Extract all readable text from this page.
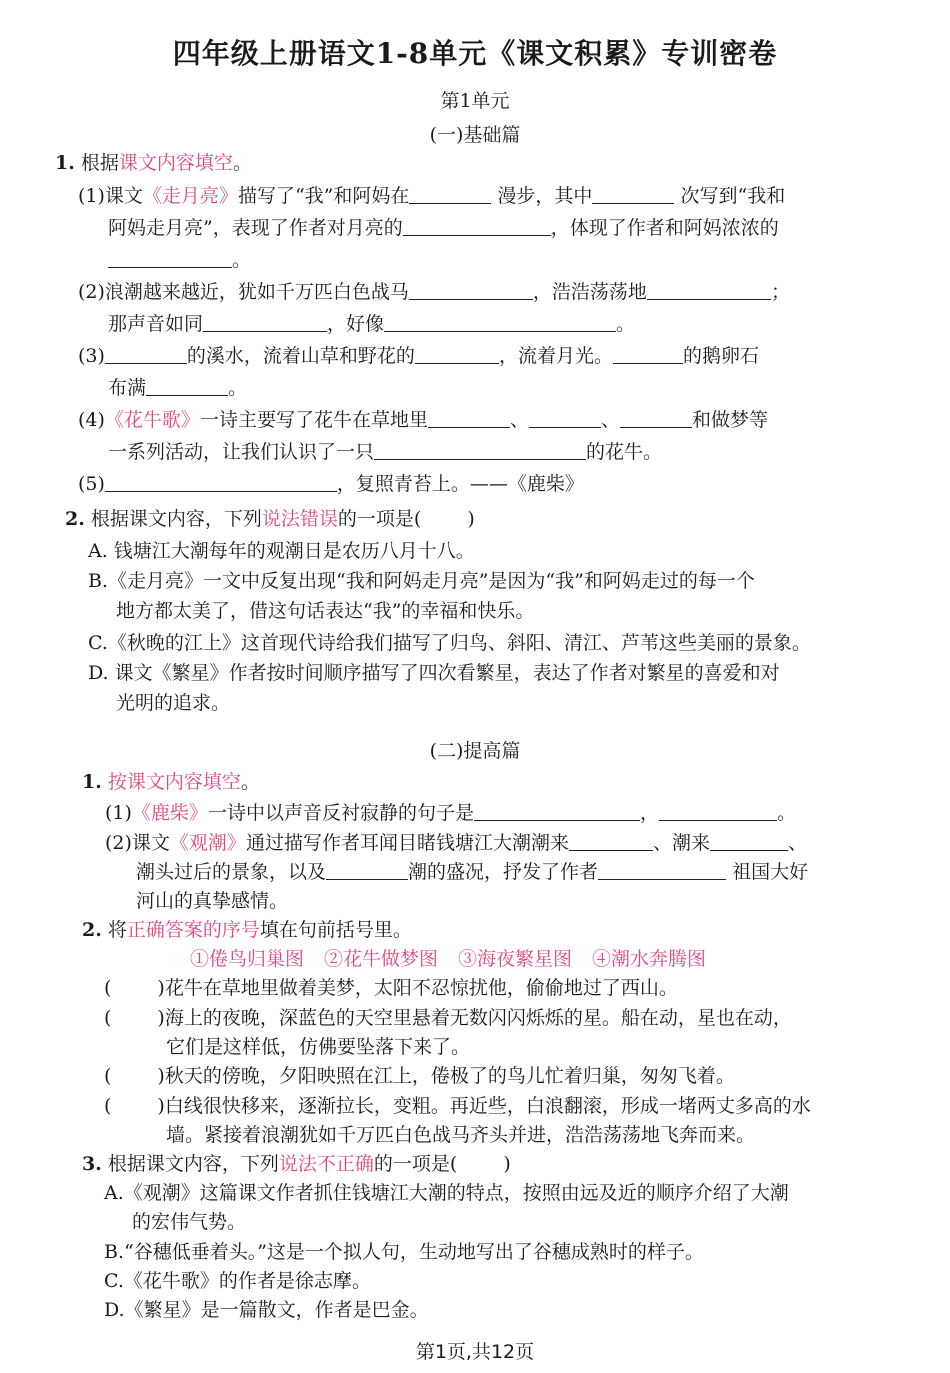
四年级上册语文1-8单元《课文积累》专训密卷
第1单元
(一)基础篇
1. 根据课文内容填空。
(1)课文《走月亮》描写了“我”和阿妈在	漫步，其中	次写到“我和
阿妈走月亮”，表现了作者对月亮的	，体现了作者和阿妈浓浓的
。
(2)浪潮越来越近，犹如千万匹白色战马	，浩浩荡荡地	；
那声音如同	，好像	。
(3)	的溪水，流着山草和野花的	，流着月光。	的鹅卵石
布满	。
(4)《花牛歌》一诗主要写了花牛在草地里	、	、	和做梦等
一系列活动，让我们认识了一只	的花牛。
(5)	，复照青苔上。——《鹿柴》
2. 根据课文内容，下列说法错误的一项是( )
A. 钱塘江大潮每年的观潮日是农历八月十八。
B.《走月亮》一文中反复出现“我和阿妈走月亮”是因为“我”和阿妈走过的每一个
地方都太美了，借这句话表达“我”的幸福和快乐。
C.《秋晚的江上》这首现代诗给我们描写了归鸟、斜阳、清江、芦苇这些美丽的景象。
D. 课文《繁星》作者按时间顺序描写了四次看繁星，表达了作者对繁星的喜爱和对
光明的追求。
(二)提高篇
1. 按课文内容填空。
(1)《鹿柴》一诗中以声音反衬寂静的句子是	，	。
(2)课文《观潮》通过描写作者耳闻目睹钱塘江大潮潮来	、潮来	、
潮头过后的景象，以及	潮的盛况，抒发了作者	祖国大好
河山的真挚感情。
2. 将正确答案的序号填在句前括号里。
①倦鸟归巢图 ②花牛做梦图 ③海夜繁星图 ④潮水奔腾图
( )花牛在草地里做着美梦，太阳不忍惊扰他，偷偷地过了西山。
( )海上的夜晚，深蓝色的天空里悬着无数闪闪烁烁的星。船在动，星也在动，
它们是这样低，仿佛要坠落下来了。
( )秋天的傍晚，夕阳映照在江上，倦极了的鸟儿忙着归巢，匆匆飞着。
( )白线很快移来，逐渐拉长，变粗。再近些，白浪翻滚，形成一堵两丈多高的水
墙。紧接着浪潮犹如千万匹白色战马齐头并进，浩浩荡荡地飞奔而来。
3. 根据课文内容，下列说法不正确的一项是( )
A.《观潮》这篇课文作者抓住钱塘江大潮的特点，按照由远及近的顺序介绍了大潮
的宏伟气势。
B.“谷穗低垂着头。”这是一个拟人句，生动地写出了谷穗成熟时的样子。
C.《花牛歌》的作者是徐志摩。
D.《繁星》是一篇散文，作者是巴金。
第1页,共12页
